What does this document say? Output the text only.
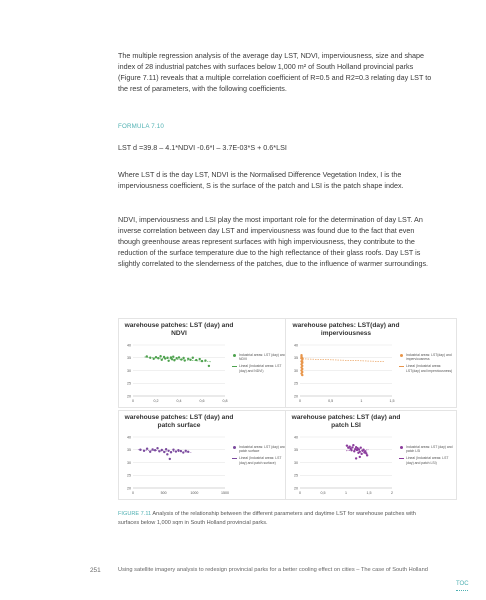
The multiple regression analysis of the average day LST, NDVI, imperviousness, size and shape index of 28 industrial patches with surfaces below 1,000 m² of South Holland provincial parks (Figure 7.11) reveals that a multiple correlation coefficient of R=0.5 and R2=0.3 relating day LST to the rest of parameters, with the following coefficients.

FORMULA 7.10
LST d =39.8 – 4.1*NDVI -0.6*I – 3.7E-03*S + 0.6*LSI

Where LST d is the day LST, NDVI is the Normalised Difference Vegetation Index, I is the imperviousness coefficient, S is the surface of the patch and LSI is the patch shape index.

NDVI, imperviousness and LSI play the most important role for the determination of day LST. An inverse correlation between day LST and imperviousness was found due to the fact that even though greenhouse areas represent surfaces with high imperviousness, they contribute to the reduction of the surface temperature due to the high reflectance of their glass roofs. Day LST is slightly correlated to the slenderness of the patches, due to the influence of warmer surroundings.

warehouse patches: LST (day) and NDVI
20
25
30
35
40
0	0,2	0,4	0,6	0,8
Industrial areas: LST (day) and NDVI
Lineal (Industrial areas: LST (day) and NDVI)
warehouse patches: LST(day) and imperviousness
20
25
30
35
40
0	0,5	1	1,5
Industrial areas: LST(day) and imperviousness
Lineal (Industrial areas: LST(day) and imperviousness)
warehouse patches: LST (day) and patch surface
20
25
30
35
40
0	500	1000	1500
Industrial areas: LST (day) and patch surface
Lineal (Industrial areas: LST (day) and patch surface)
warehouse patches: LST (day) and patch LSI
20
25
30
35
40
0	0,5	1	1,5	2
Industrial areas: LST (day) and patch LSI
Lineal (Industrial areas: LST (day) and patch LSI)

FIGURE 7.11 Analysis of the relationship between the different parameters and daytime LST for warehouse patches with surfaces below 1,000 sqm in South Holland provincial parks.

251	Using satellite imagery analysis to redesign provincial parks for a better cooling effect on cities – The case of South Holland
TOC
